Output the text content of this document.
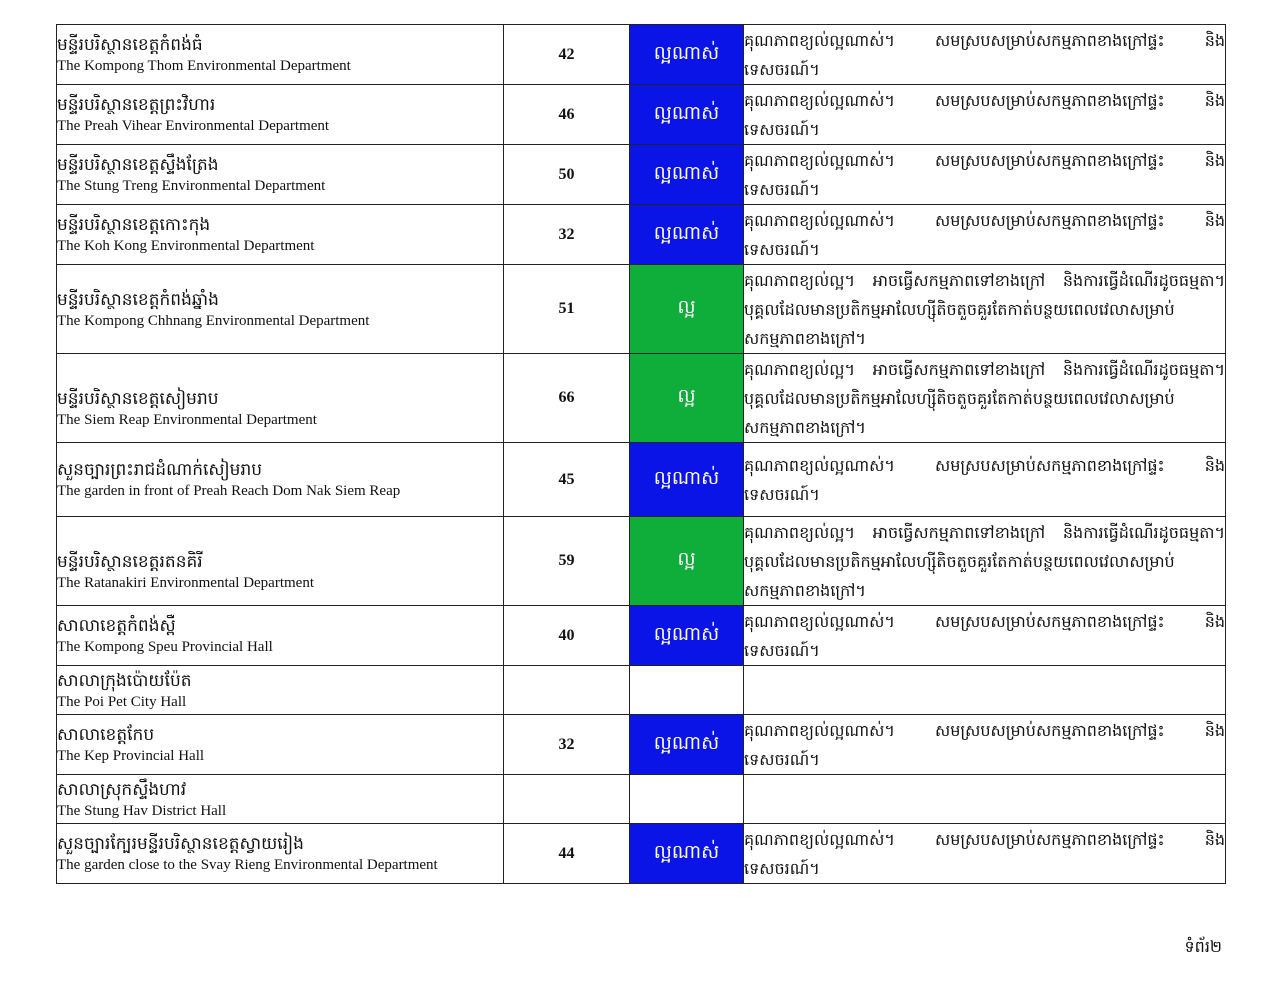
មន្ទីរបរិស្ថានខេត្តកំពង់ធំ
The Kompong Thom Environmental Department	42	ល្អណាស់	គុណភាពខ្យល់ល្អណាស់។ សមស្របសម្រាប់សកម្មភាពខាងក្រៅផ្ទះ និងទេសចរណ៍។

មន្ទីរបរិស្ថានខេត្តព្រះវិហារ
The Preah Vihear Environmental Department	46	ល្អណាស់	គុណភាពខ្យល់ល្អណាស់។ សមស្របសម្រាប់សកម្មភាពខាងក្រៅផ្ទះ និងទេសចរណ៍។

មន្ទីរបរិស្ថានខេត្តស្ទឹងត្រែង
The Stung Treng Environmental Department	50	ល្អណាស់	គុណភាពខ្យល់ល្អណាស់។ សមស្របសម្រាប់សកម្មភាពខាងក្រៅផ្ទះ និងទេសចរណ៍។

មន្ទីរបរិស្ថានខេត្តកោះកុង
The Koh Kong Environmental Department	32	ល្អណាស់	គុណភាពខ្យល់ល្អណាស់។ សមស្របសម្រាប់សកម្មភាពខាងក្រៅផ្ទះ និងទេសចរណ៍។

មន្ទីរបរិស្ថានខេត្តកំពង់ឆ្នាំង
The Kompong Chhnang Environmental Department	51	ល្អ	គុណភាពខ្យល់ល្អ។ អាចធ្វើសកម្មភាពទៅខាងក្រៅ និងការធ្វើដំណើរដូចធម្មតា។ បុគ្គលដែលមានប្រតិកម្មអាលែហ្ស៊ីតិចតួចគួរតែកាត់បន្ថយពេលវេលាសម្រាប់សកម្មភាពខាងក្រៅ។

មន្ទីរបរិស្ថានខេត្តសៀមរាប
The Siem Reap Environmental Department	66	ល្អ	គុណភាពខ្យល់ល្អ។ អាចធ្វើសកម្មភាពទៅខាងក្រៅ និងការធ្វើដំណើរដូចធម្មតា។ បុគ្គលដែលមានប្រតិកម្មអាលែហ្ស៊ីតិចតួចគួរតែកាត់បន្ថយពេលវេលាសម្រាប់សកម្មភាពខាងក្រៅ។

សួនច្បារព្រះរាជដំណាក់សៀមរាប
The garden in front of Preah Reach Dom Nak Siem Reap	45	ល្អណាស់	គុណភាពខ្យល់ល្អណាស់។ សមស្របសម្រាប់សកម្មភាពខាងក្រៅផ្ទះ និងទេសចរណ៍។

មន្ទីរបរិស្ថានខេត្តរតនគិរី
The Ratanakiri Environmental Department	59	ល្អ	គុណភាពខ្យល់ល្អ។ អាចធ្វើសកម្មភាពទៅខាងក្រៅ និងការធ្វើដំណើរដូចធម្មតា។ បុគ្គលដែលមានប្រតិកម្មអាលែហ្ស៊ីតិចតួចគួរតែកាត់បន្ថយពេលវេលាសម្រាប់សកម្មភាពខាងក្រៅ។

សាលាខេត្តកំពង់ស្ពឺ
The Kompong Speu Provincial Hall	40	ល្អណាស់	គុណភាពខ្យល់ល្អណាស់។ សមស្របសម្រាប់សកម្មភាពខាងក្រៅផ្ទះ និងទេសចរណ៍។

សាលាក្រុងប៉ោយប៉ែត
The Poi Pet City Hall			

សាលាខេត្តកែប
The Kep Provincial Hall	32	ល្អណាស់	គុណភាពខ្យល់ល្អណាស់។ សមស្របសម្រាប់សកម្មភាពខាងក្រៅផ្ទះ និងទេសចរណ៍។

សាលាស្រុកស្ទឹងហាវ
The Stung Hav District Hall			

សួនច្បារក្បែរមន្ទីរបរិស្ថានខេត្តស្វាយរៀង
The garden close to the Svay Rieng Environmental Department	44	ល្អណាស់	គុណភាពខ្យល់ល្អណាស់។ សមស្របសម្រាប់សកម្មភាពខាងក្រៅផ្ទះ និងទេសចរណ៍។
ទំព័រ២
